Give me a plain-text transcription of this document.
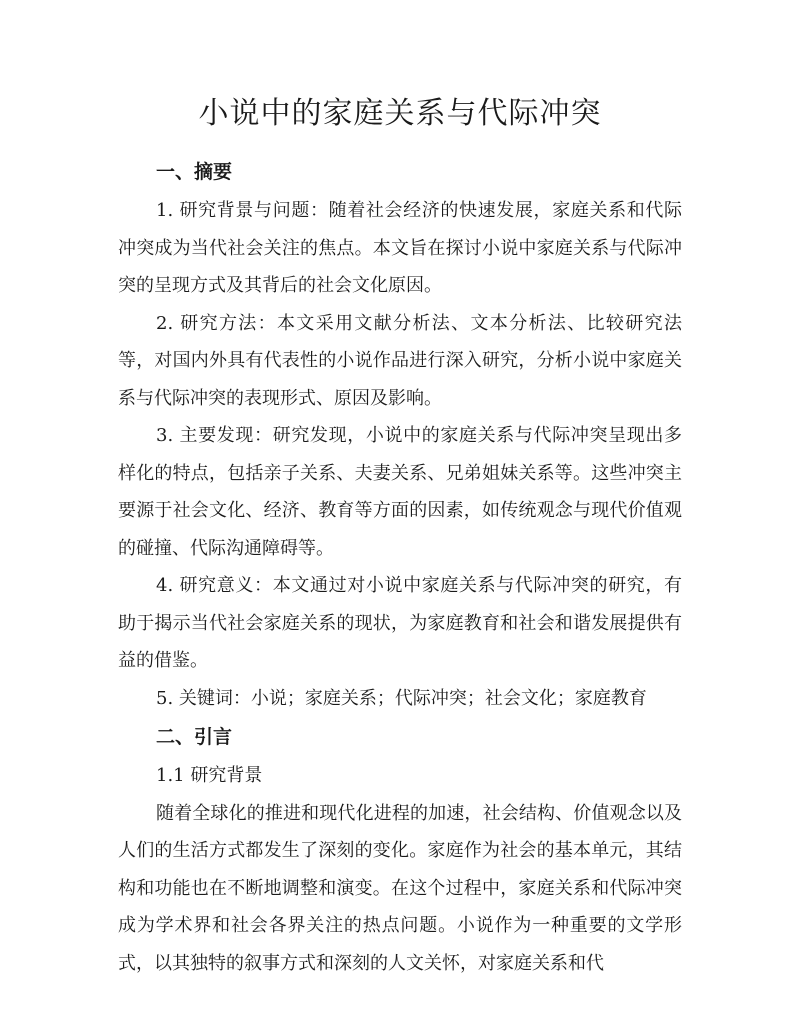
小说中的家庭关系与代际冲突
一、摘要

1. 研究背景与问题：随着社会经济的快速发展，家庭关系和代际冲突成为当代社会关注的焦点。本文旨在探讨小说中家庭关系与代际冲突的呈现方式及其背后的社会文化原因。

2. 研究方法：本文采用文献分析法、文本分析法、比较研究法等，对国内外具有代表性的小说作品进行深入研究，分析小说中家庭关系与代际冲突的表现形式、原因及影响。

3. 主要发现：研究发现，小说中的家庭关系与代际冲突呈现出多样化的特点，包括亲子关系、夫妻关系、兄弟姐妹关系等。这些冲突主要源于社会文化、经济、教育等方面的因素，如传统观念与现代价值观的碰撞、代际沟通障碍等。

4. 研究意义：本文通过对小说中家庭关系与代际冲突的研究，有助于揭示当代社会家庭关系的现状，为家庭教育和社会和谐发展提供有益的借鉴。

5. 关键词：小说；家庭关系；代际冲突；社会文化；家庭教育

二、引言

1.1 研究背景

随着全球化的推进和现代化进程的加速，社会结构、价值观念以及人们的生活方式都发生了深刻的变化。家庭作为社会的基本单元，其结构和功能也在不断地调整和演变。在这个过程中，家庭关系和代际冲突成为学术界和社会各界关注的热点问题。小说作为一种重要的文学形式，以其独特的叙事方式和深刻的人文关怀，对家庭关系和代
